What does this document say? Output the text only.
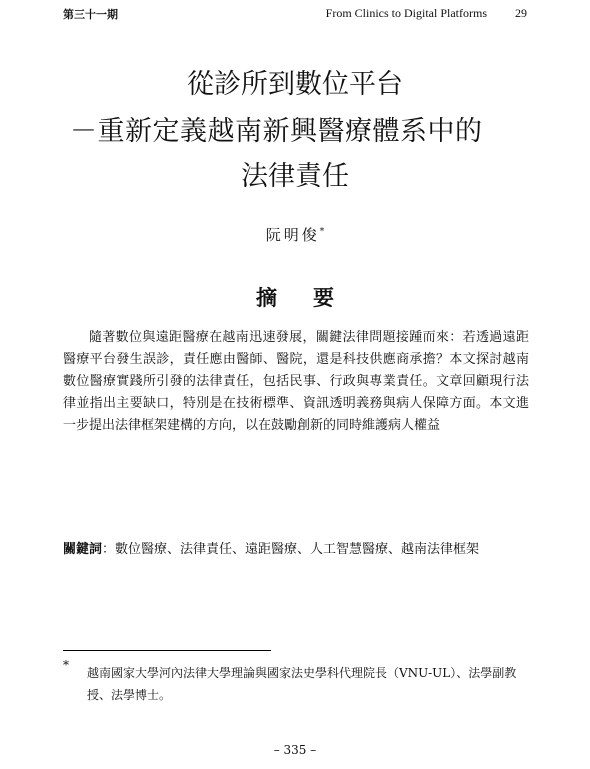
第三十一期	From Clinics to Digital Platforms 29
從診所到數位平台
－重新定義越南新興醫療體系中的
法律責任
阮明俊*
摘要

隨著數位與遠距醫療在越南迅速發展，關鍵法律問題接踵而來：若透過遠距醫療平台發生誤診，責任應由醫師、醫院，還是科技供應商承擔？本文探討越南數位醫療實踐所引發的法律責任，包括民事、行政與專業責任。文章回顧現行法律並指出主要缺口，特別是在技術標準、資訊透明義務與病人保障方面。本文進一步提出法律框架建構的方向，以在鼓勵創新的同時維護病人權益

關鍵詞：數位醫療、法律責任、遠距醫療、人工智慧醫療、越南法律框架
*

越南國家大學河內法律大學理論與國家法史學科代理院長（VNU-UL）、法學副教授、法學博士。

– 335 –
